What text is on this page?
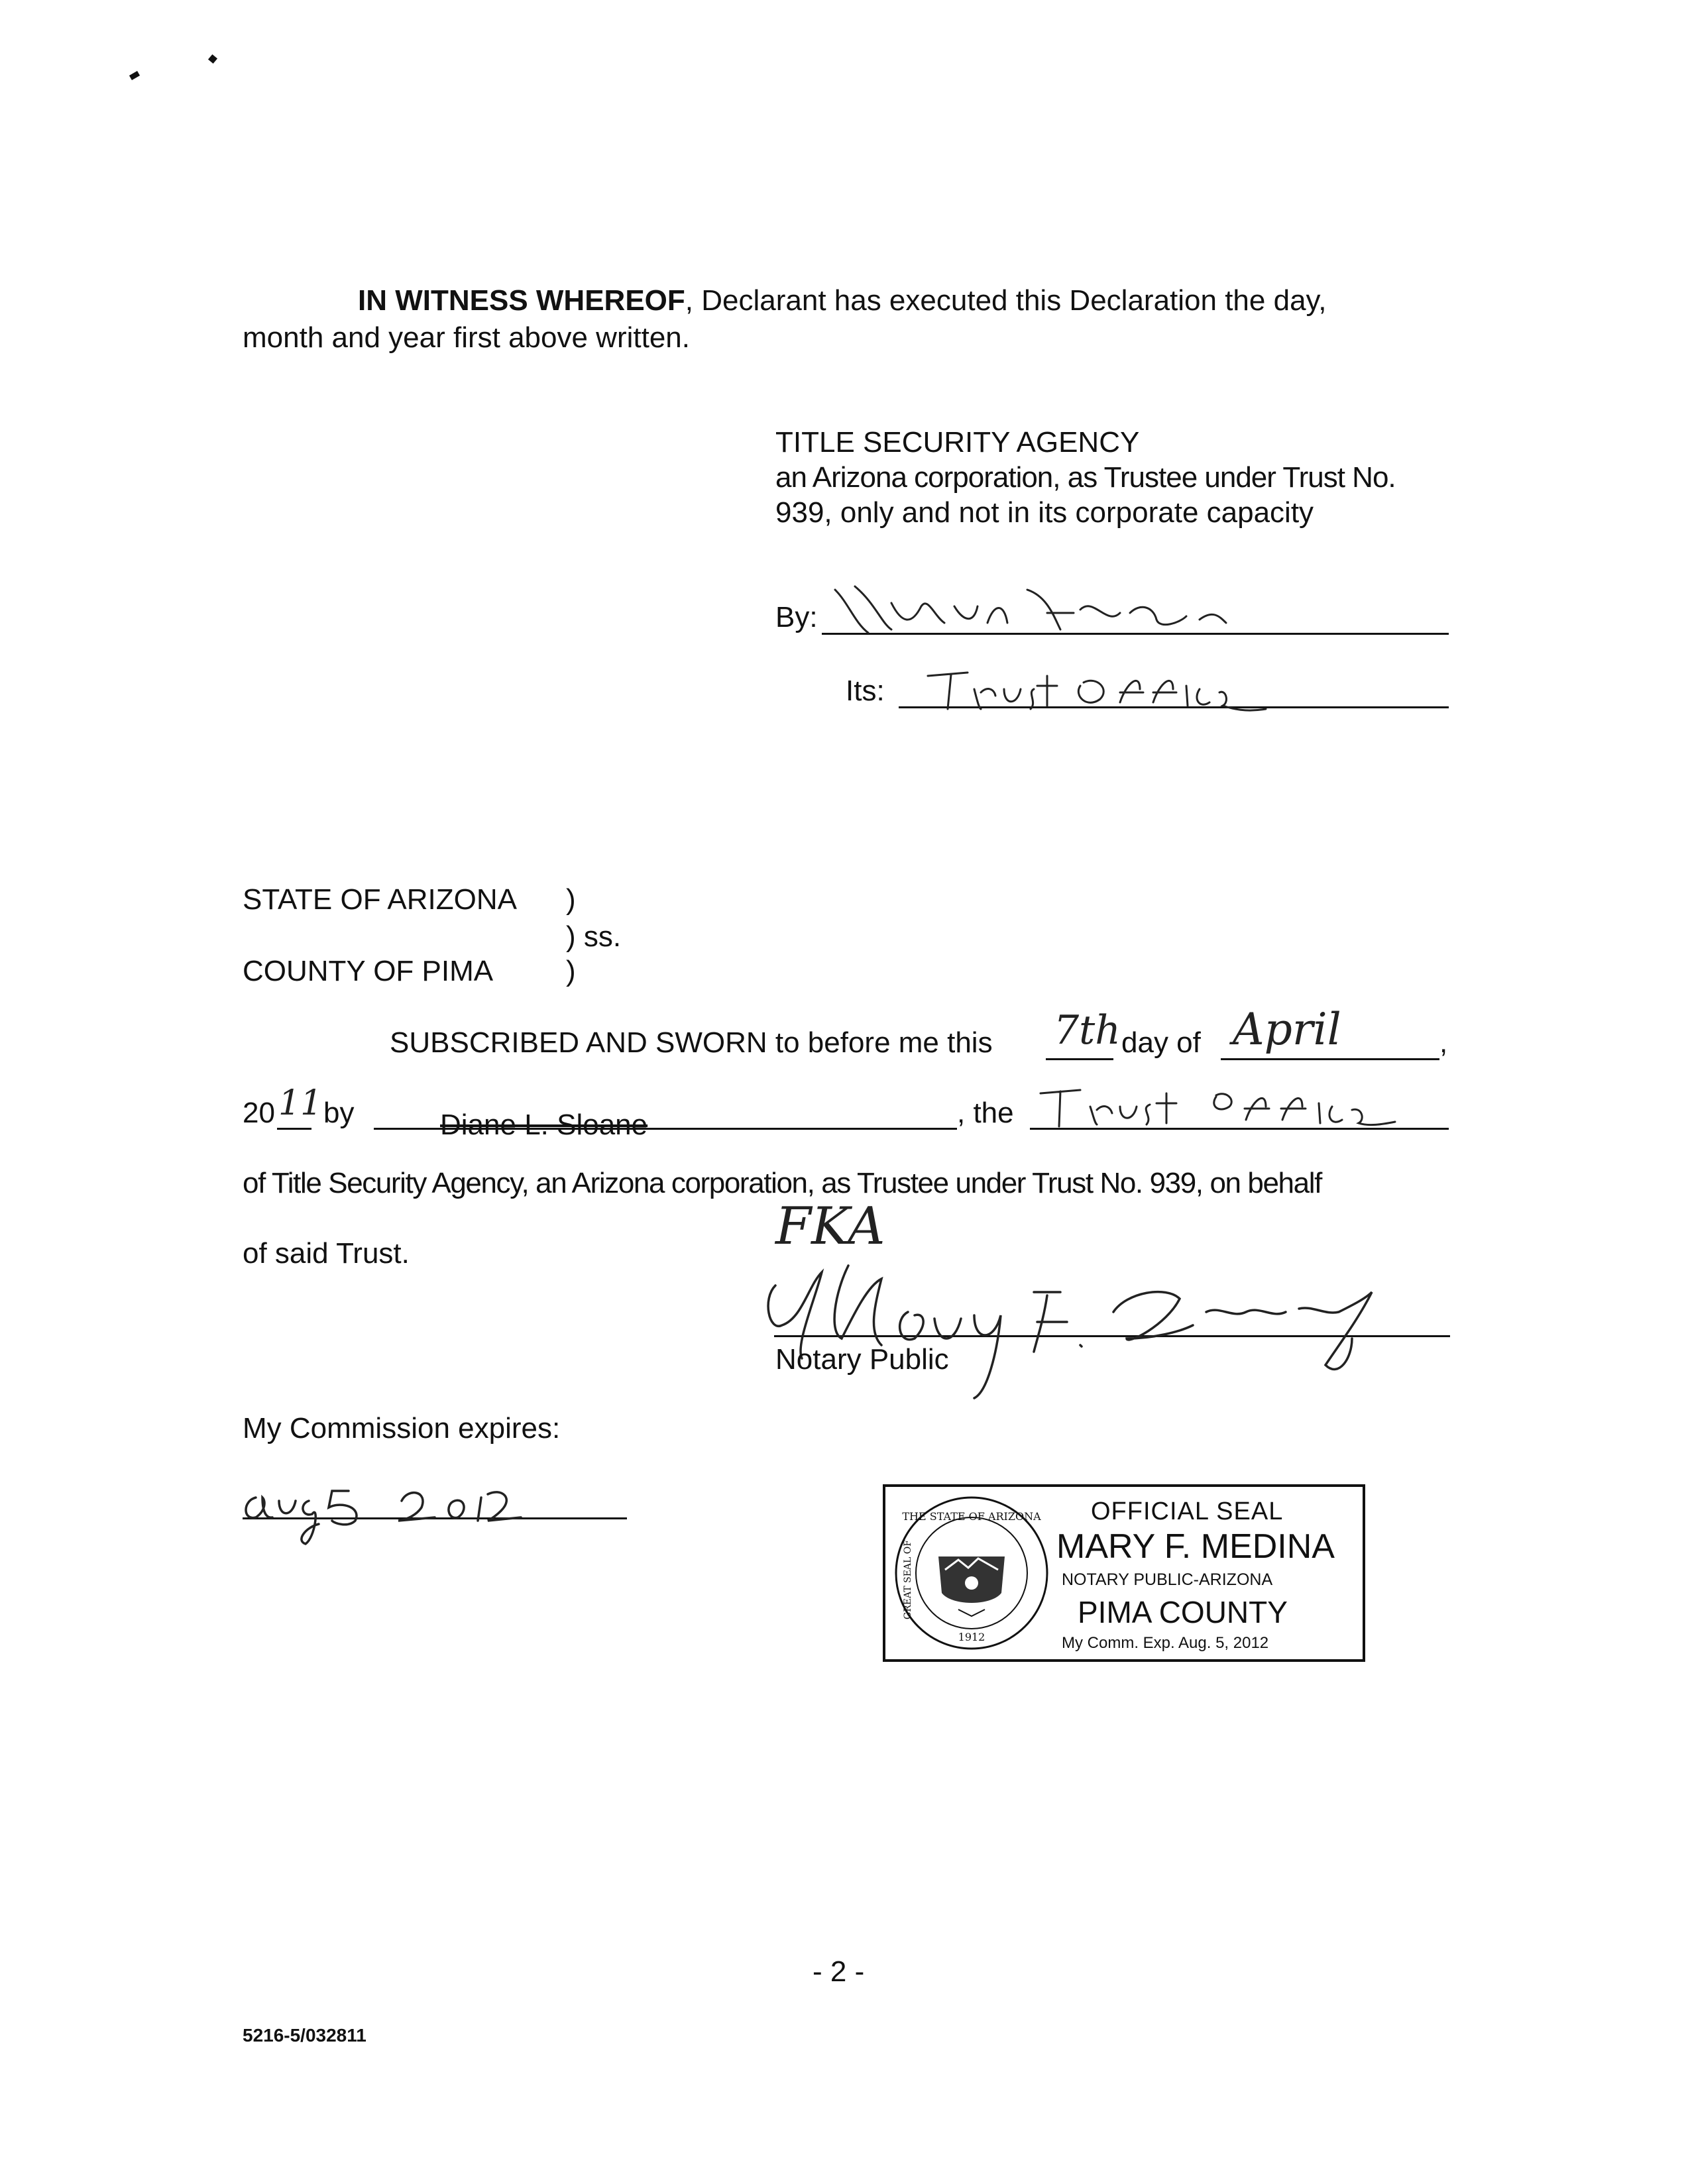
IN WITNESS WHEREOF, Declarant has executed this Declaration the day,
month and year first above written.
TITLE SECURITY AGENCY
an Arizona corporation, as Trustee under Trust No.
939, only and not in its corporate capacity
By:
Its:
STATE OF ARIZONA )
) ss.
COUNTY OF PIMA )
SUBSCRIBED AND SWORN to before me this 7th day of April	,
20 11 by	Diane L. Sloane	, the
of Title Security Agency, an Arizona corporation, as Trustee under Trust No. 939, on behalf
of said Trust.	FKA
Notary Public
My Commission expires:
THE STATE OF ARIZONA
GREAT SEAL OF
1912
OFFICIAL SEAL
MARY F. MEDINA
NOTARY PUBLIC-ARIZONA
PIMA COUNTY
My Comm. Exp. Aug. 5, 2012
- 2 -
5216-5/032811
